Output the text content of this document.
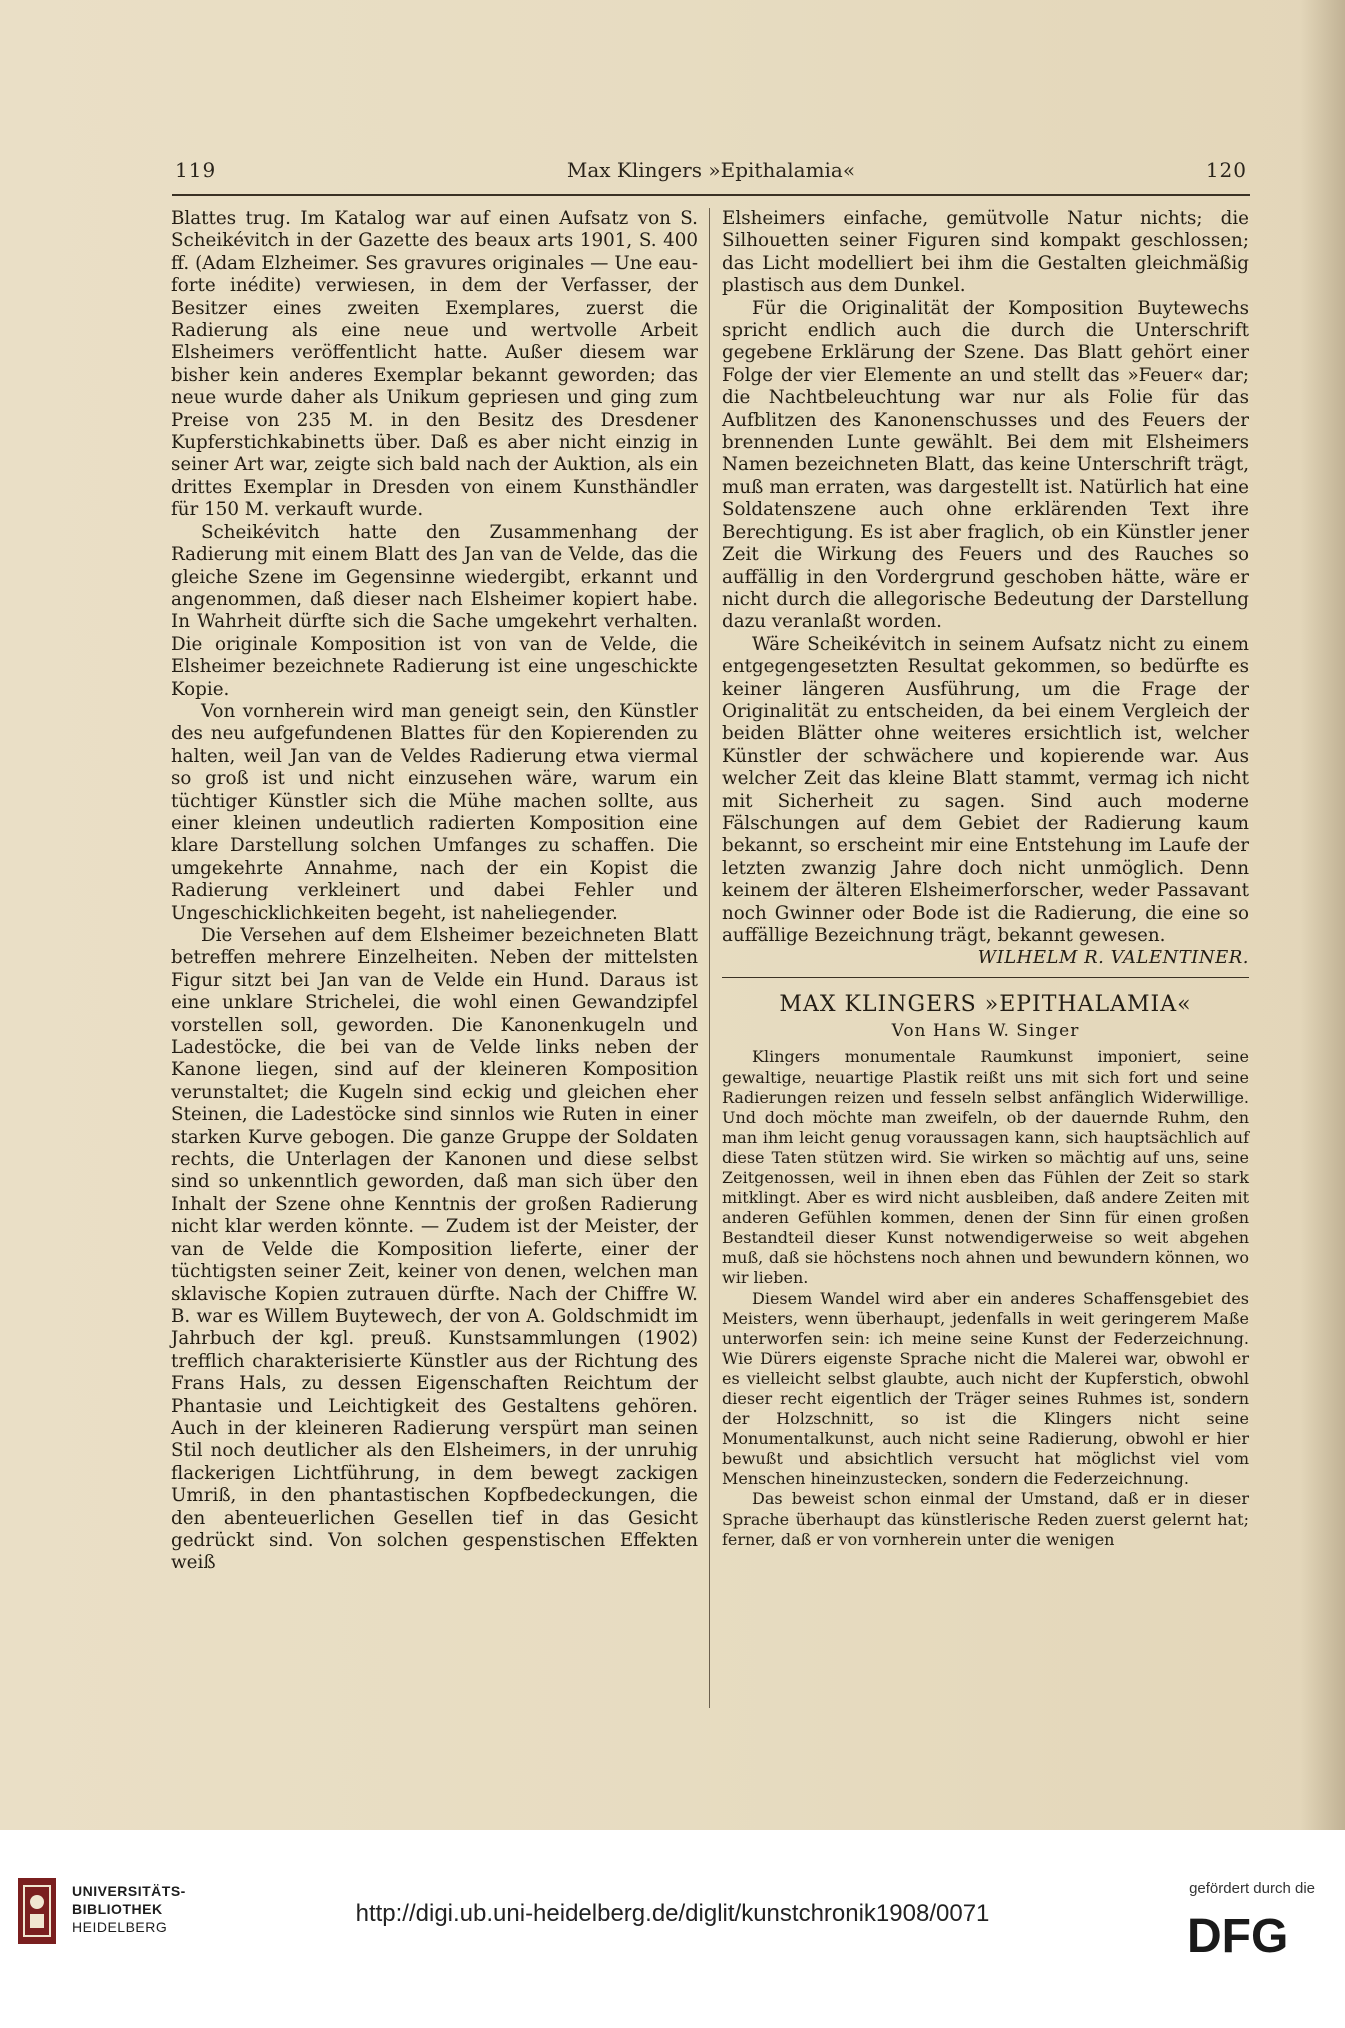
119	Max Klingers »Epithalamia«	120

Blattes trug. Im Katalog war auf einen Aufsatz von S. Scheikévitch in der Gazette des beaux arts 1901, S. 400 ff. (Adam Elzheimer. Ses gravures originales — Une eau-forte inédite) verwiesen, in dem der Verfasser, der Besitzer eines zweiten Exemplares, zuerst die Radierung als eine neue und wertvolle Arbeit Elsheimers veröffentlicht hatte. Außer diesem war bisher kein anderes Exemplar bekannt geworden; das neue wurde daher als Unikum gepriesen und ging zum Preise von 235 M. in den Besitz des Dresdener Kupferstichkabinetts über. Daß es aber nicht einzig in seiner Art war, zeigte sich bald nach der Auktion, als ein drittes Exemplar in Dresden von einem Kunsthändler für 150 M. verkauft wurde.

Scheikévitch hatte den Zusammenhang der Radierung mit einem Blatt des Jan van de Velde, das die gleiche Szene im Gegensinne wiedergibt, erkannt und angenommen, daß dieser nach Elsheimer kopiert habe. In Wahrheit dürfte sich die Sache umgekehrt verhalten. Die originale Komposition ist von van de Velde, die Elsheimer bezeichnete Radierung ist eine ungeschickte Kopie.

Von vornherein wird man geneigt sein, den Künstler des neu aufgefundenen Blattes für den Kopierenden zu halten, weil Jan van de Veldes Radierung etwa viermal so groß ist und nicht einzusehen wäre, warum ein tüchtiger Künstler sich die Mühe machen sollte, aus einer kleinen undeutlich radierten Komposition eine klare Darstellung solchen Umfanges zu schaffen. Die umgekehrte Annahme, nach der ein Kopist die Radierung verkleinert und dabei Fehler und Ungeschicklichkeiten begeht, ist naheliegender.

Die Versehen auf dem Elsheimer bezeichneten Blatt betreffen mehrere Einzelheiten. Neben der mittelsten Figur sitzt bei Jan van de Velde ein Hund. Daraus ist eine unklare Strichelei, die wohl einen Gewandzipfel vorstellen soll, geworden. Die Kanonenkugeln und Ladestöcke, die bei van de Velde links neben der Kanone liegen, sind auf der kleineren Komposition verunstaltet; die Kugeln sind eckig und gleichen eher Steinen, die Ladestöcke sind sinnlos wie Ruten in einer starken Kurve gebogen. Die ganze Gruppe der Soldaten rechts, die Unterlagen der Kanonen und diese selbst sind so unkenntlich geworden, daß man sich über den Inhalt der Szene ohne Kenntnis der großen Radierung nicht klar werden könnte. — Zudem ist der Meister, der van de Velde die Komposition lieferte, einer der tüchtigsten seiner Zeit, keiner von denen, welchen man sklavische Kopien zutrauen dürfte. Nach der Chiffre W. B. war es Willem Buytewech, der von A. Goldschmidt im Jahrbuch der kgl. preuß. Kunstsammlungen (1902) trefflich charakterisierte Künstler aus der Richtung des Frans Hals, zu dessen Eigenschaften Reichtum der Phantasie und Leichtigkeit des Gestaltens gehören. Auch in der kleineren Radierung verspürt man seinen Stil noch deutlicher als den Elsheimers, in der unruhig flackerigen Lichtführung, in dem bewegt zackigen Umriß, in den phantastischen Kopfbedeckungen, die den abenteuerlichen Gesellen tief in das Gesicht gedrückt sind. Von solchen gespenstischen Effekten weiß

Elsheimers einfache, gemütvolle Natur nichts; die Silhouetten seiner Figuren sind kompakt geschlossen; das Licht modelliert bei ihm die Gestalten gleichmäßig plastisch aus dem Dunkel.

Für die Originalität der Komposition Buytewechs spricht endlich auch die durch die Unterschrift gegebene Erklärung der Szene. Das Blatt gehört einer Folge der vier Elemente an und stellt das »Feuer« dar; die Nachtbeleuchtung war nur als Folie für das Aufblitzen des Kanonenschusses und des Feuers der brennenden Lunte gewählt. Bei dem mit Elsheimers Namen bezeichneten Blatt, das keine Unterschrift trägt, muß man erraten, was dargestellt ist. Natürlich hat eine Soldatenszene auch ohne erklärenden Text ihre Berechtigung. Es ist aber fraglich, ob ein Künstler jener Zeit die Wirkung des Feuers und des Rauches so auffällig in den Vordergrund geschoben hätte, wäre er nicht durch die allegorische Bedeutung der Darstellung dazu veranlaßt worden.

Wäre Scheikévitch in seinem Aufsatz nicht zu einem entgegengesetzten Resultat gekommen, so bedürfte es keiner längeren Ausführung, um die Frage der Originalität zu entscheiden, da bei einem Vergleich der beiden Blätter ohne weiteres ersichtlich ist, welcher Künstler der schwächere und kopierende war. Aus welcher Zeit das kleine Blatt stammt, vermag ich nicht mit Sicherheit zu sagen. Sind auch moderne Fälschungen auf dem Gebiet der Radierung kaum bekannt, so erscheint mir eine Entstehung im Laufe der letzten zwanzig Jahre doch nicht unmöglich. Denn keinem der älteren Elsheimerforscher, weder Passavant noch Gwinner oder Bode ist die Radierung, die eine so auffällige Bezeichnung trägt, bekannt gewesen.

WILHELM R. VALENTINER.
MAX KLINGERS »EPITHALAMIA«
Von Hans W. Singer

Klingers monumentale Raumkunst imponiert, seine gewaltige, neuartige Plastik reißt uns mit sich fort und seine Radierungen reizen und fesseln selbst anfänglich Widerwillige. Und doch möchte man zweifeln, ob der dauernde Ruhm, den man ihm leicht genug voraussagen kann, sich hauptsächlich auf diese Taten stützen wird. Sie wirken so mächtig auf uns, seine Zeitgenossen, weil in ihnen eben das Fühlen der Zeit so stark mitklingt. Aber es wird nicht ausbleiben, daß andere Zeiten mit anderen Gefühlen kommen, denen der Sinn für einen großen Bestandteil dieser Kunst notwendigerweise so weit abgehen muß, daß sie höchstens noch ahnen und bewundern können, wo wir lieben.

Diesem Wandel wird aber ein anderes Schaffensgebiet des Meisters, wenn überhaupt, jedenfalls in weit geringerem Maße unterworfen sein: ich meine seine Kunst der Federzeichnung. Wie Dürers eigenste Sprache nicht die Malerei war, obwohl er es vielleicht selbst glaubte, auch nicht der Kupferstich, obwohl dieser recht eigentlich der Träger seines Ruhmes ist, sondern der Holzschnitt, so ist die Klingers nicht seine Monumentalkunst, auch nicht seine Radierung, obwohl er hier bewußt und absichtlich versucht hat möglichst viel vom Menschen hineinzustecken, sondern die Federzeichnung.

Das beweist schon einmal der Umstand, daß er in dieser Sprache überhaupt das künstlerische Reden zuerst gelernt hat; ferner, daß er von vornherein unter die wenigen

UNIVERSITÄTS-
BIBLIOTHEK
HEIDELBERG	http://digi.ub.uni-heidelberg.de/diglit/kunstchronik1908/0071
gefördert durch die
DFG
